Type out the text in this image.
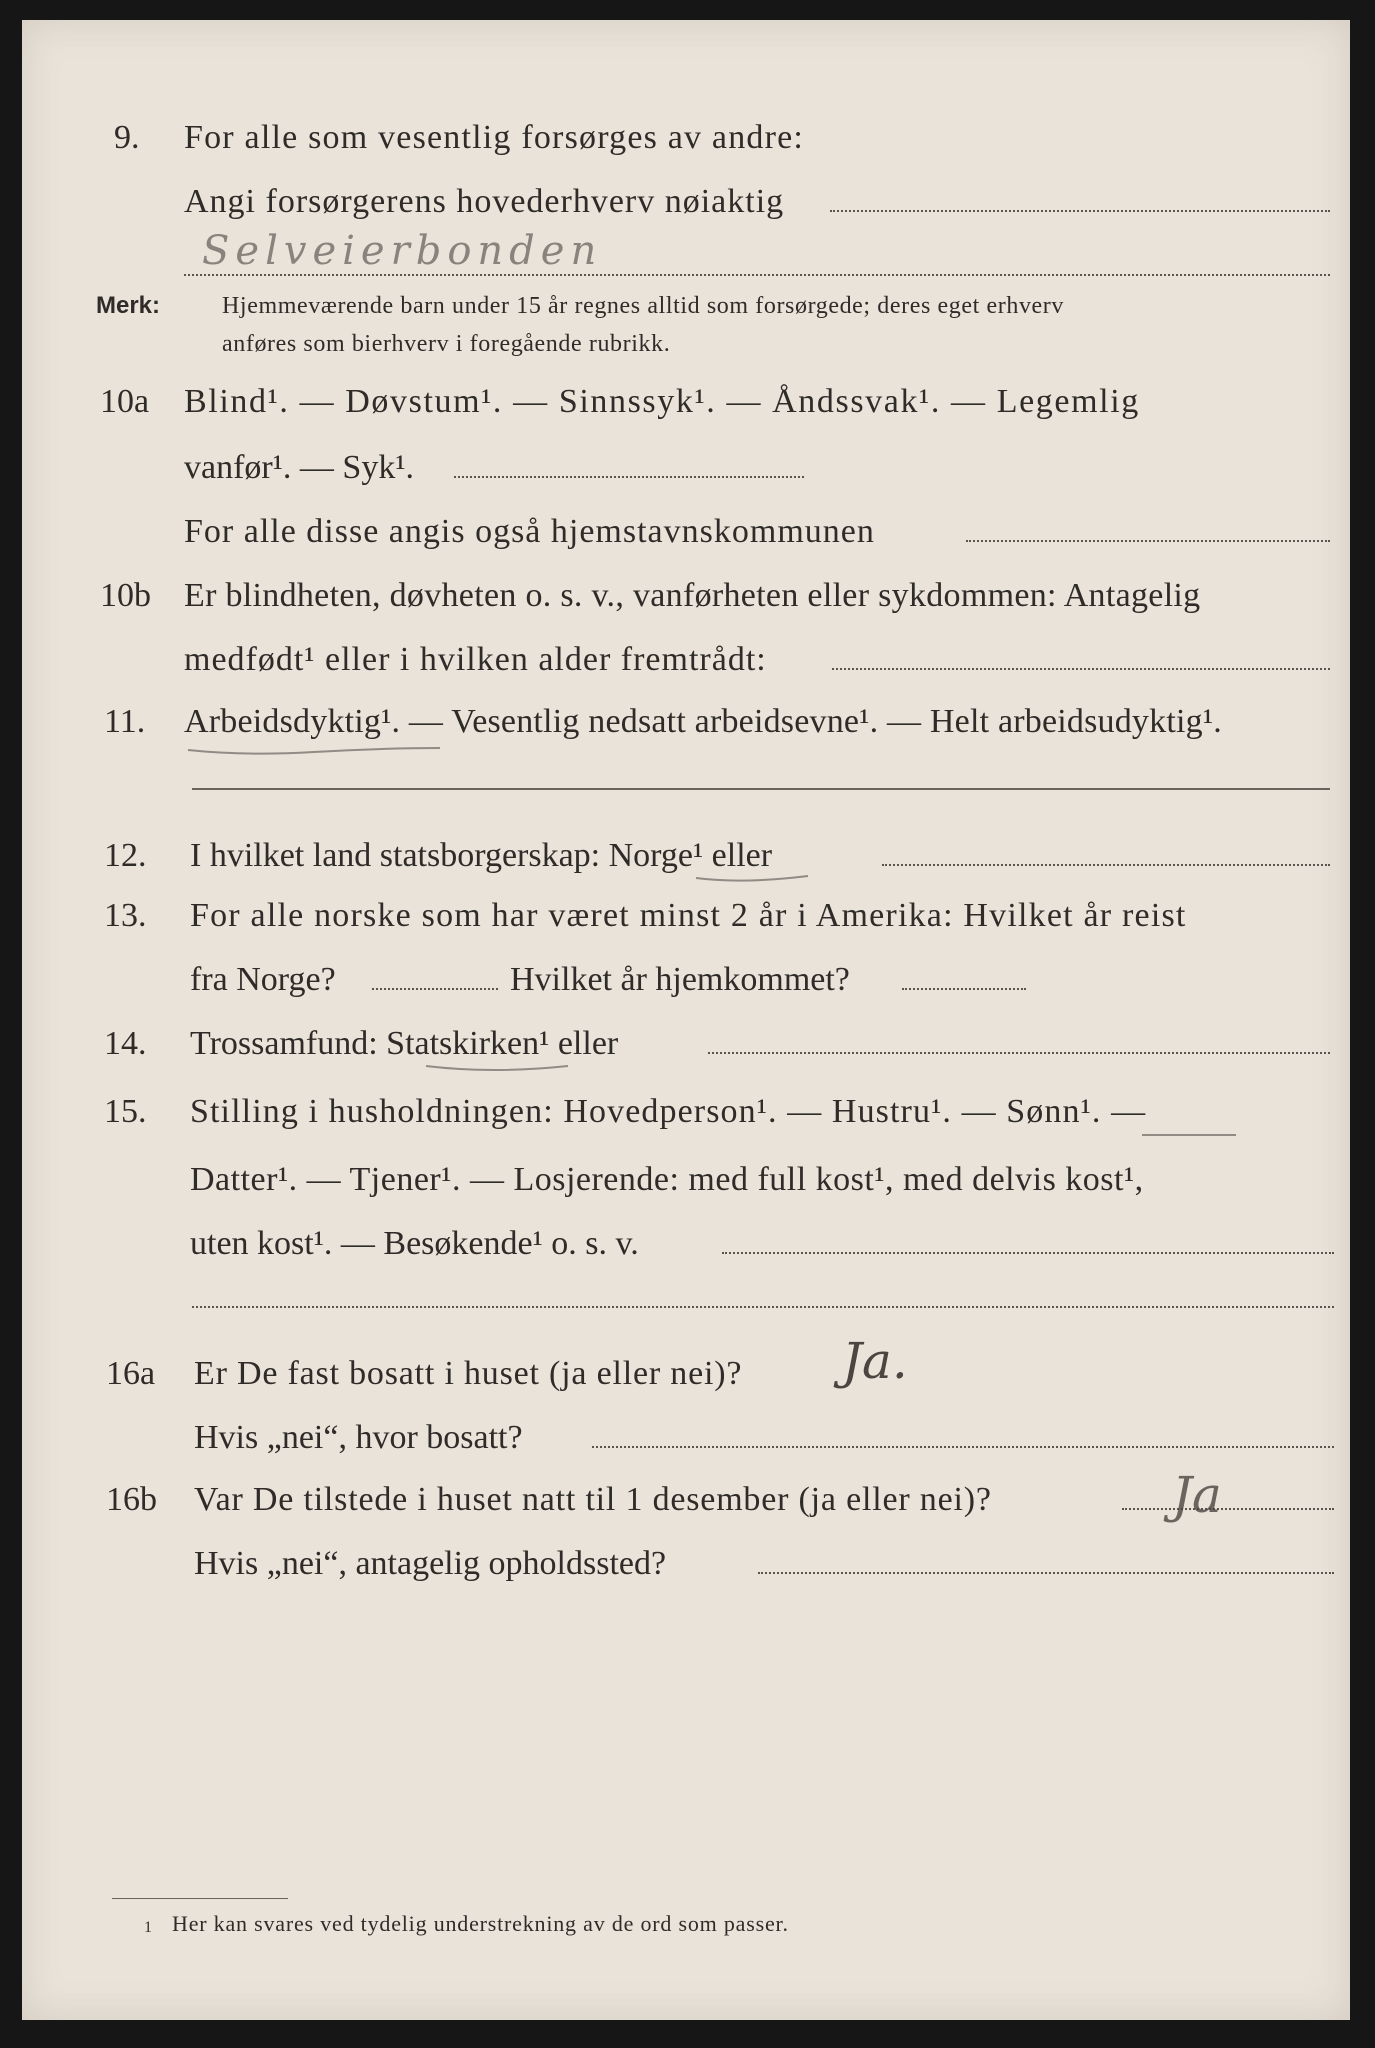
9. For alle som vesentlig forsørges av andre:
Angi forsørgerens hovederhverv nøiaktig
Selveierbonden
Merk:	Hjemmeværende barn under 15 år regnes alltid som forsørgede; deres eget erhverv
anføres som bierhverv i foregående rubrikk.
10a Blind¹. — Døvstum¹. — Sinnssyk¹. — Åndssvak¹. — Legemlig
vanfør¹. — Syk¹.
For alle disse angis også hjemstavnskommunen
10b Er blindheten, døvheten o. s. v., vanførheten eller sykdommen: Antagelig
medfødt¹ eller i hvilken alder fremtrådt:
11. Arbeidsdyktig¹. — Vesentlig nedsatt arbeidsevne¹. — Helt arbeidsudyktig¹.
12. I hvilket land statsborgerskap: Norge¹ eller
13. For alle norske som har været minst 2 år i Amerika: Hvilket år reist
fra Norge?	Hvilket år hjemkommet?
14. Trossamfund: Statskirken¹ eller
15. Stilling i husholdningen: Hovedperson¹. — Hustru¹. — Sønn¹. —
Datter¹. — Tjener¹. — Losjerende: med full kost¹, med delvis kost¹,
uten kost¹. — Besøkende¹ o. s. v.
16a Er De fast bosatt i huset (ja eller nei)? Ja.
Hvis „nei“, hvor bosatt?
16b Var De tilstede i huset natt til 1 desember (ja eller nei)?	Ja
Hvis „nei“, antagelig opholdssted?
1 Her kan svares ved tydelig understrekning av de ord som passer.
